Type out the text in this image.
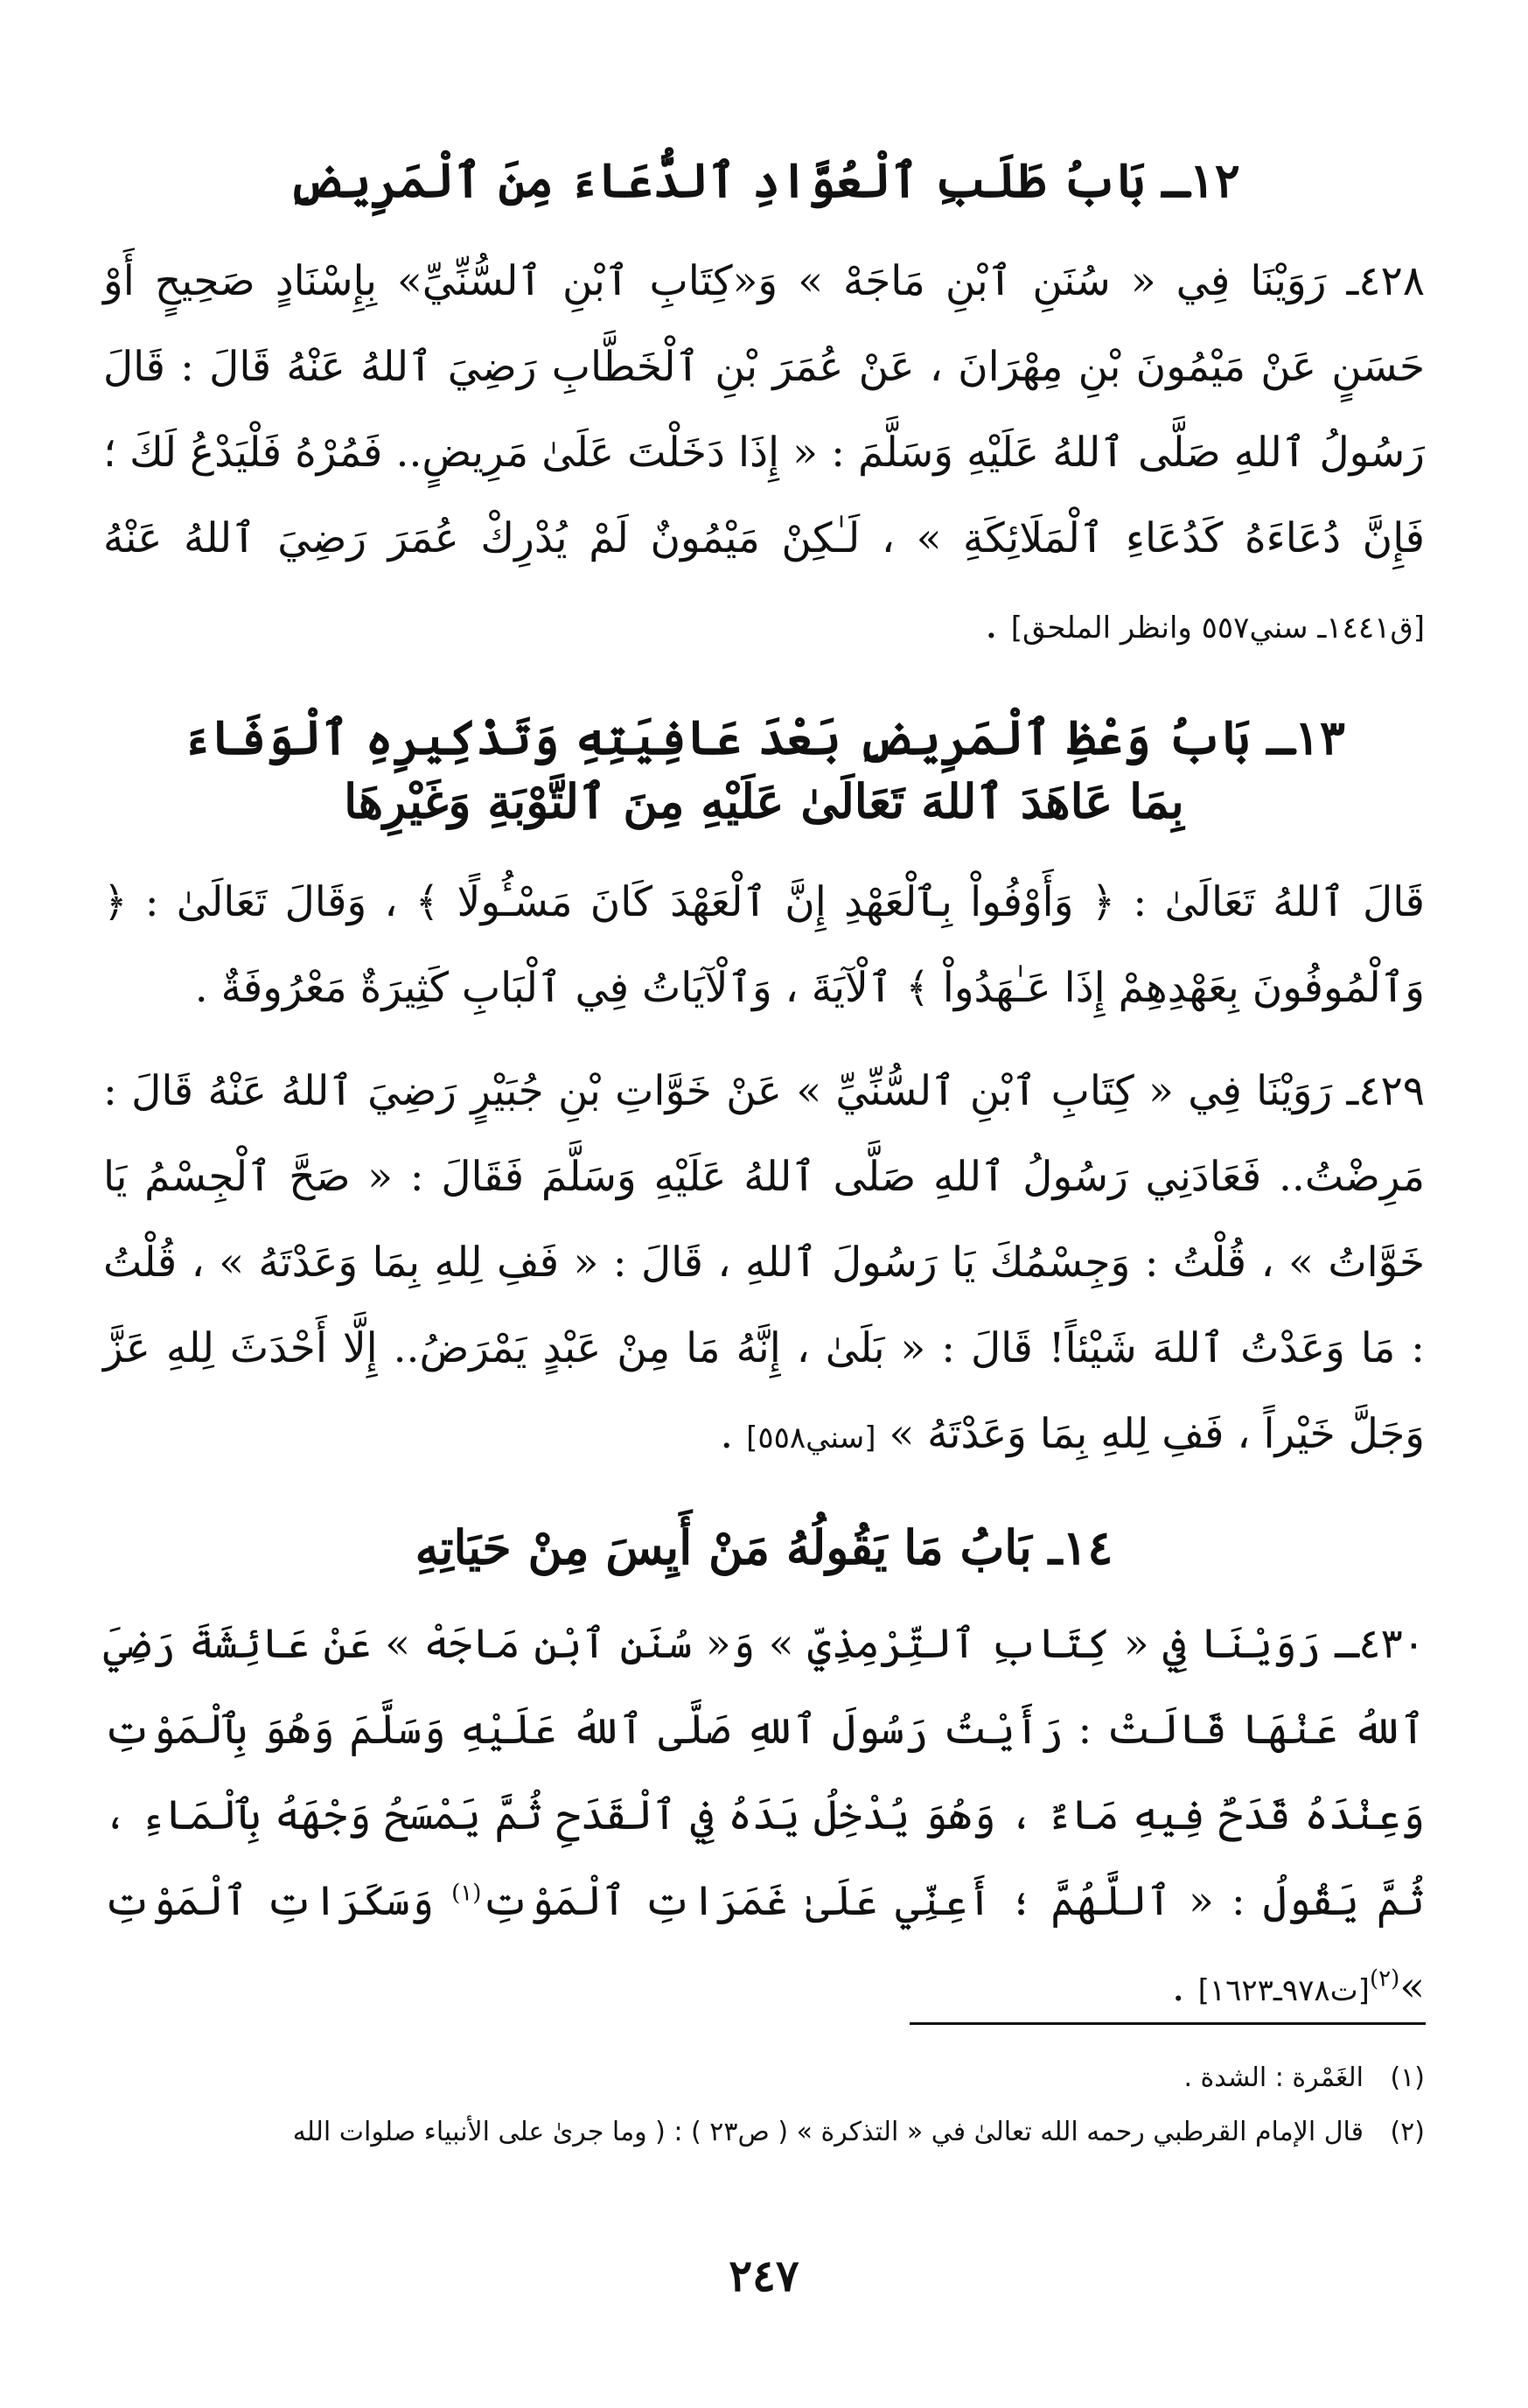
١٢ـ بَابُ طَلَبِ ٱلْعُوَّادِ ٱلدُّعَاءَ مِنَ ٱلْمَرِيضِ

٤٢٨ـ رَوَيْنَا فِي « سُنَنِ ٱبْنِ مَاجَهْ » وَ«كِتَابِ ٱبْنِ ٱلسُّنِّيِّ» بِإِسْنَادٍ صَحِيحٍ أَوْ حَسَنٍ عَنْ مَيْمُونَ بْنِ مِهْرَانَ ، عَنْ عُمَرَ بْنِ ٱلْخَطَّابِ رَضِيَ ٱللهُ عَنْهُ قَالَ : قَالَ رَسُولُ ٱللهِ صَلَّى ٱللهُ عَلَيْهِ وَسَلَّمَ : « إِذَا دَخَلْتَ عَلَىٰ مَرِيضٍ.. فَمُرْهُ فَلْيَدْعُ لَكَ ؛ فَإِنَّ دُعَاءَهُ كَدُعَاءِ ٱلْمَلَائِكَةِ » ، لَـٰكِنْ مَيْمُونٌ لَمْ يُدْرِكْ عُمَرَ رَضِيَ ٱللهُ عَنْهُ [ق١٤٤١ـ سني٥٥٧ وانظر الملحق] .

١٣ـ بَابُ وَعْظِ ٱلْمَرِيضِ بَعْدَ عَافِيَتِهِ وَتَذْكِيرِهِ ٱلْوَفَاءَ
بِمَا عَاهَدَ ٱللهَ تَعَالَىٰ عَلَيْهِ مِنَ ٱلتَّوْبَةِ وَغَيْرِهَا

قَالَ ٱللهُ تَعَالَىٰ : ﴿ وَأَوْفُواْ بِٱلْعَهْدِ إِنَّ ٱلْعَهْدَ كَانَ مَسْـُٔولًا ﴾ ، وَقَالَ تَعَالَىٰ : ﴿ وَٱلْمُوفُونَ بِعَهْدِهِمْ إِذَا عَـٰهَدُواْ ﴾ ٱلْآيَةَ ، وَٱلْآيَاتُ فِي ٱلْبَابِ كَثِيرَةٌ مَعْرُوفَةٌ .

٤٢٩ـ رَوَيْنَا فِي « كِتَابِ ٱبْنِ ٱلسُّنِّيِّ » عَنْ خَوَّاتِ بْنِ جُبَيْرٍ رَضِيَ ٱللهُ عَنْهُ قَالَ : مَرِضْتُ.. فَعَادَنِي رَسُولُ ٱللهِ صَلَّى ٱللهُ عَلَيْهِ وَسَلَّمَ فَقَالَ : « صَحَّ ٱلْجِسْمُ يَا خَوَّاتُ » ، قُلْتُ : وَجِسْمُكَ يَا رَسُولَ ٱللهِ ، قَالَ : « فَفِ لِلهِ بِمَا وَعَدْتَهُ » ، قُلْتُ : مَا وَعَدْتُ ٱللهَ شَيْئاً! قَالَ : « بَلَىٰ ، إِنَّهُ مَا مِنْ عَبْدٍ يَمْرَضُ.. إِلَّا أَحْدَثَ لِلهِ عَزَّ وَجَلَّ خَيْراً ، فَفِ لِلهِ بِمَا وَعَدْتَهُ » [سني٥٥٨] .

١٤ـ بَابُ مَا يَقُولُهُ مَنْ أَيِسَ مِنْ حَيَاتِهِ

٤٣٠ـ رَوَيْنَا فِي « كِتَابِ ٱلتِّرْمِذِيِّ » وَ« سُنَنِ ٱبْنِ مَاجَهْ » عَنْ عَائِشَةَ رَضِيَ ٱللهُ عَنْهَا قَالَتْ : رَأَيْتُ رَسُولَ ٱللهِ صَلَّى ٱللهُ عَلَيْهِ وَسَلَّمَ وَهُوَ بِٱلْمَوْتِ وَعِنْدَهُ قَدَحٌ فِيهِ مَاءٌ ، وَهُوَ يُدْخِلُ يَدَهُ فِي ٱلْقَدَحِ ثُمَّ يَمْسَحُ وَجْهَهُ بِٱلْمَاءِ ، ثُمَّ يَقُولُ : « ٱللَّهُمَّ ؛ أَعِنِّي عَلَىٰ غَمَرَاتِ ٱلْمَوْتِ$^{(١)}$ وَسَكَرَاتِ ٱلْمَوْتِ »$^{(٢)}$[ت٩٧٨ـ١٦٢٣] .

(١)الغَمْرة : الشدة .
(٢)قال الإمام القرطبي رحمه الله تعالىٰ في « التذكرة » ( ص٢٣ ) : ( وما جرىٰ على الأنبياء صلوات الله
٢٤٧
